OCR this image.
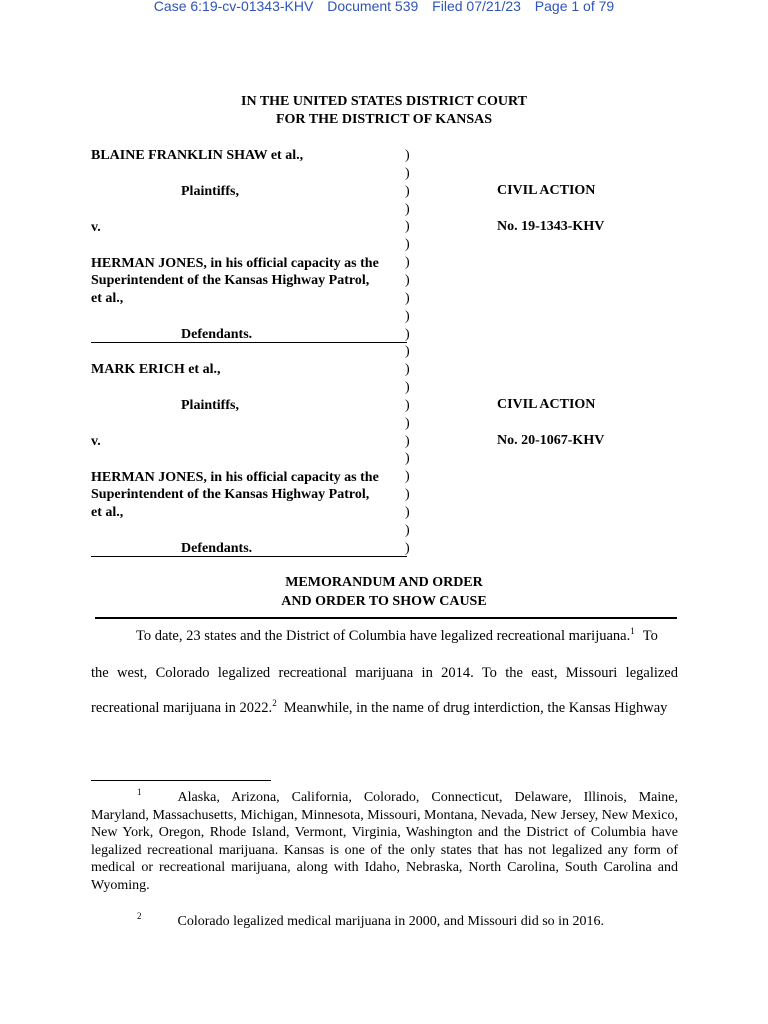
Case 6:19-cv-01343-KHV Document 539 Filed 07/21/23 Page 1 of 79
IN THE UNITED STATES DISTRICT COURT
FOR THE DISTRICT OF KANSAS
BLAINE FRANKLIN SHAW et al.,
Plaintiffs,
v.
HERMAN JONES, in his official capacity as the
Superintendent of the Kansas Highway Patrol,
et al.,
Defendants.
CIVIL ACTION
No. 19-1343-KHV
MARK ERICH et al.,
Plaintiffs,
v.
HERMAN JONES, in his official capacity as the
Superintendent of the Kansas Highway Patrol,
et al.,
Defendants.
CIVIL ACTION
No. 20-1067-KHV
)
)
)
)
)
)
)
)
)
)
)
)
)
)
)
)
)
)
)
)
)
)
)
MEMORANDUM AND ORDER
AND ORDER TO SHOW CAUSE
To date, 23 states and the District of Columbia have legalized recreational marijuana.$^1$ To
the west, Colorado legalized recreational marijuana in 2014. To the east, Missouri legalized
recreational marijuana in 2022.$^2$ Meanwhile, in the name of drug interdiction, the Kansas Highway
$^1$	Alaska, Arizona, California, Colorado, Connecticut, Delaware, Illinois, Maine, Maryland, Massachusetts, Michigan, Minnesota, Missouri, Montana, Nevada, New Jersey, New Mexico, New York, Oregon, Rhode Island, Vermont, Virginia, Washington and the District of Columbia have legalized recreational marijuana. Kansas is one of the only states that has not legalized any form of medical or recreational marijuana, along with Idaho, Nebraska, North Carolina, South Carolina and Wyoming.
$^2$	Colorado legalized medical marijuana in 2000, and Missouri did so in 2016.
